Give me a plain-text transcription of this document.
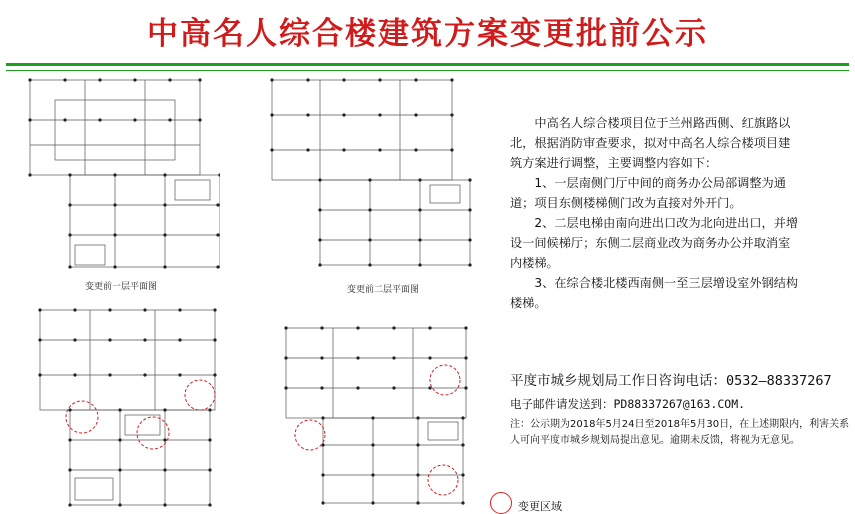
中高名人综合楼建筑方案变更批前公示
变更前一层平面图	变更前二层平面图

中高名人综合楼项目位于兰州路西侧、红旗路以北，根据消防审查要求，拟对中高名人综合楼项目建筑方案进行调整，主要调整内容如下：

1、一层南侧门厅中间的商务办公局部调整为通道；项目东侧楼梯侧门改为直接对外开门。

2、二层电梯由南向进出口改为北向进出口，并增设一间候梯厅；东侧二层商业改为商务办公并取消室内楼梯。

3、在综合楼北楼西南侧一至三层增设室外钢结构楼梯。

平度市城乡规划局工作日咨询电话：0532—88337267
电子邮件请发送到：PD88337267@163.COM.
注：公示期为2018年5月24日至2018年5月30日，在上述期限内，利害关系人可向平度市城乡规划局提出意见。逾期未反馈，将视为无意见。
变更区域
